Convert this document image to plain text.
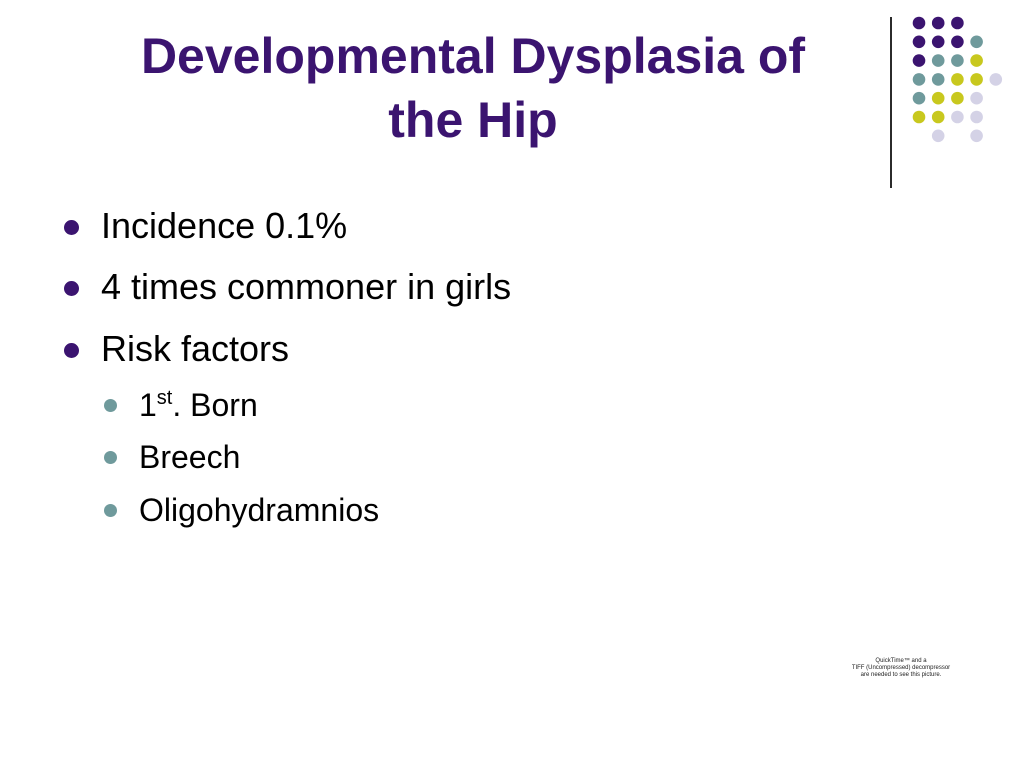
Developmental Dysplasia of
the Hip
Incidence 0.1%
4 times commoner in girls
Risk factors
1st. Born
Breech
Oligohydramnios
QuickTime™ and a
TIFF (Uncompressed) decompressor
are needed to see this picture.
